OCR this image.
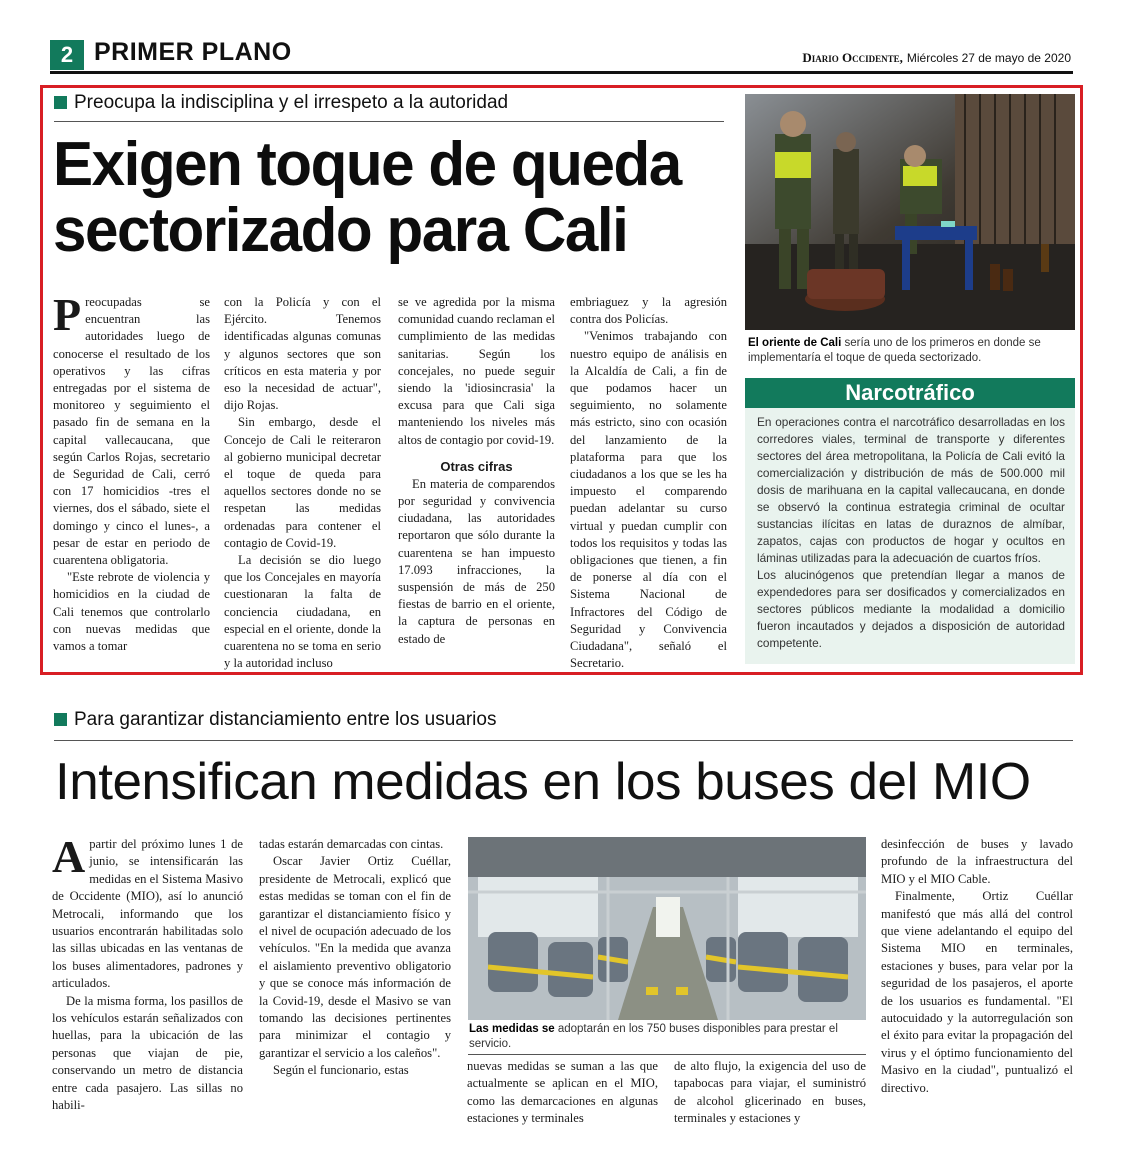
2 PRIMER PLANO	Diario Occidente, Miércoles 27 de mayo de 2020
Preocupa la indisciplina y el irrespeto a la autoridad
Exigen toque de queda
sectorizado para Cali

Preocupadas se encuentran las autoridades luego de conocerse el resultado de los operativos y las cifras entregadas por el sistema de monitoreo y seguimiento el pasado fin de semana en la capital vallecaucana, que según Carlos Rojas, secretario de Seguridad de Cali, cerró con 17 homicidios -tres el viernes, dos el sábado, siete el domingo y cinco el lunes-, a pesar de estar en periodo de cuarentena obligatoria.

"Este rebrote de violencia y homicidios en la ciudad de Cali tenemos que controlarlo con nuevas medidas que vamos a tomar

con la Policía y con el Ejército. Tenemos identificadas algunas comunas y algunos sectores que son críticos en esta materia y por eso la necesidad de actuar", dijo Rojas.

Sin embargo, desde el Concejo de Cali le reiteraron al gobierno municipal decretar el toque de queda para aquellos sectores donde no se respetan las medidas ordenadas para contener el contagio de Covid-19.

La decisión se dio luego que los Concejales en mayoría cuestionaran la falta de conciencia ciudadana, en especial en el oriente, donde la cuarentena no se toma en serio y la autoridad incluso

se ve agredida por la misma comunidad cuando reclaman el cumplimiento de las medidas sanitarias. Según los concejales, no puede seguir siendo la 'idiosincrasia' la excusa para que Cali siga manteniendo los niveles más altos de contagio por covid-19.

Otras cifras

En materia de comparendos por seguridad y convivencia ciudadana, las autoridades reportaron que sólo durante la cuarentena se han impuesto 17.093 infracciones, la suspensión de más de 250 fiestas de barrio en el oriente, la captura de personas en estado de

embriaguez y la agresión contra dos Policías.

"Venimos trabajando con nuestro equipo de análisis en la Alcaldía de Cali, a fin de que podamos hacer un seguimiento, no solamente más estricto, sino con ocasión del lanzamiento de la plataforma para que los ciudadanos a los que se les ha impuesto el comparendo puedan adelantar su curso virtual y puedan cumplir con todos los requisitos y todas las obligaciones que tienen, a fin de ponerse al día con el Sistema Nacional de Infractores del Código de Seguridad y Convivencia Ciudadana", señaló el Secretario.

El oriente de Cali sería uno de los primeros en donde se implementaría el toque de queda sectorizado.
Narcotráfico

En operaciones contra el narcotráfico desarrolladas en los corredores viales, terminal de transporte y diferentes sectores del área metropolitana, la Policía de Cali evitó la comercialización y distribución de más de 500.000 mil dosis de marihuana en la capital vallecaucana, en donde se observó la continua estrategia criminal de ocultar sustancias ilícitas en latas de duraznos de almíbar, zapatos, cajas con productos de hogar y ocultos en láminas utilizadas para la adecuación de cuartos fríos.

Los alucinógenos que pretendían llegar a manos de expendedores para ser dosificados y comercializados en sectores públicos mediante la modalidad a domicilio fueron incautados y dejados a disposición de autoridad competente.

Para garantizar distanciamiento entre los usuarios
Intensifican medidas en los buses del MIO

Apartir del próximo lunes 1 de junio, se intensificarán las medidas en el Sistema Masivo de Occidente (MIO), así lo anunció Metrocali, informando que los usuarios encontrarán habilitadas solo las sillas ubicadas en las ventanas de los buses alimentadores, padrones y articulados.

De la misma forma, los pasillos de los vehículos estarán señalizados con huellas, para la ubicación de las personas que viajan de pie, conservando un metro de distancia entre cada pasajero. Las sillas no habili-

tadas estarán demarcadas con cintas.

Oscar Javier Ortiz Cuéllar, presidente de Metrocali, explicó que estas medidas se toman con el fin de garantizar el distanciamiento físico y el nivel de ocupación adecuado de los vehículos. "En la medida que avanza el aislamiento preventivo obligatorio y que se conoce más información de la Covid-19, desde el Masivo se van tomando las decisiones pertinentes para minimizar el contagio y garantizar el servicio a los caleños".

Según el funcionario, estas

Las medidas se adoptarán en los 750 buses disponibles para prestar el servicio.

nuevas medidas se suman a las que actualmente se aplican en el MIO, como las demarcaciones en algunas estaciones y terminales

de alto flujo, la exigencia del uso de tapabocas para viajar, el suministró de alcohol glicerinado en buses, terminales y estaciones y

desinfección de buses y lavado profundo de la infraestructura del MIO y el MIO Cable.

Finalmente, Ortiz Cuéllar manifestó que más allá del control que viene adelantando el equipo del Sistema MIO en terminales, estaciones y buses, para velar por la seguridad de los pasajeros, el aporte de los usuarios es fundamental. "El autocuidado y la autorregulación son el éxito para evitar la propagación del virus y el óptimo funcionamiento del Masivo en la ciudad", puntualizó el directivo.
